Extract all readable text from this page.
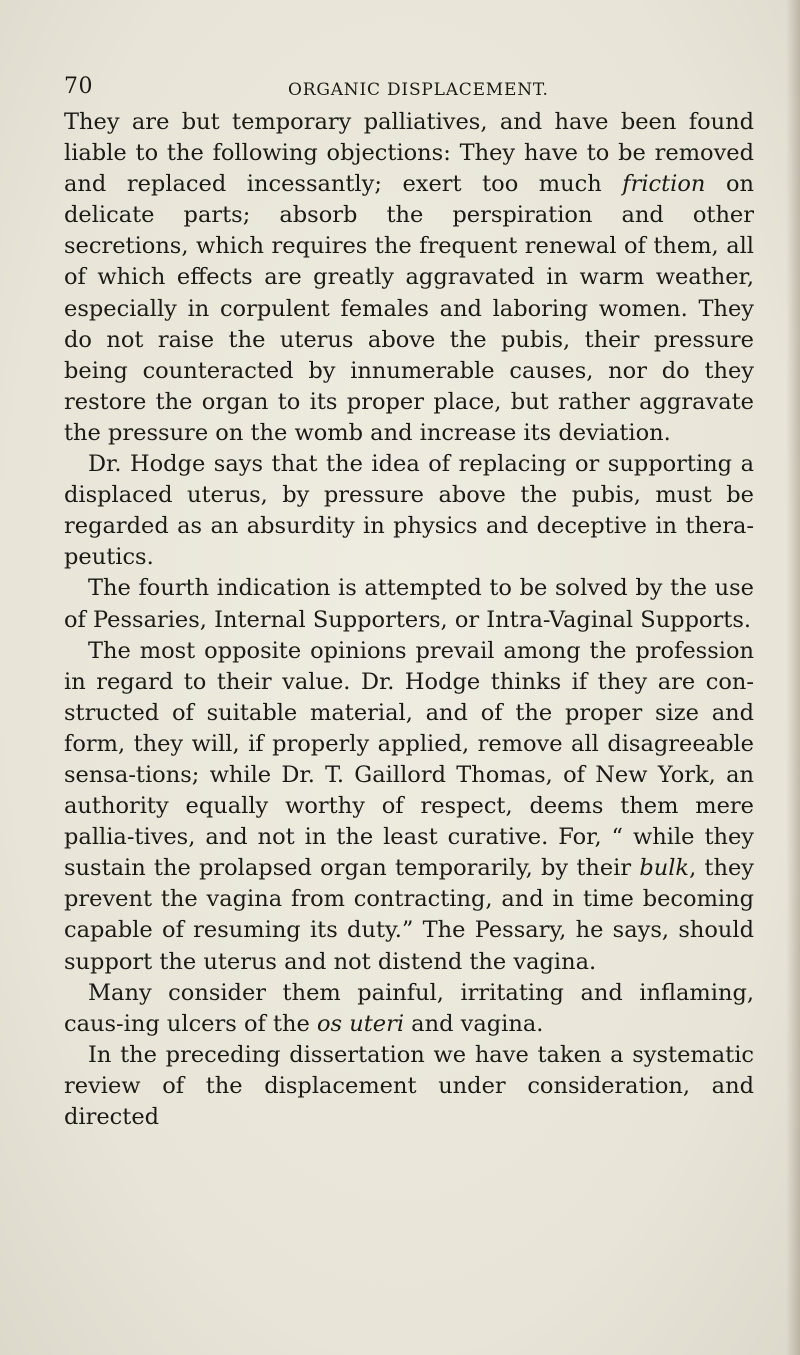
70	ORGANIC DISPLACEMENT.

They are but temporary palliatives, and have been found liable to the following objections: They have to be removed and replaced incessantly; exert too much friction on delicate parts; absorb the perspiration and other secretions, which requires the frequent renewal of them, all of which effects are greatly aggravated in warm weather, especially in corpulent females and laboring women. They do not raise the uterus above the pubis, their pressure being counteracted by innumerable causes, nor do they restore the organ to its proper place, but rather aggravate the pressure on the womb and increase its deviation.

Dr. Hodge says that the idea of replacing or supporting a displaced uterus, by pressure above the pubis, must be regarded as an absurdity in physics and deceptive in thera-peutics.

The fourth indication is attempted to be solved by the use of Pessaries, Internal Supporters, or Intra-Vaginal Supports.

The most opposite opinions prevail among the profession in regard to their value. Dr. Hodge thinks if they are con-structed of suitable material, and of the proper size and form, they will, if properly applied, remove all disagreeable sensa-tions; while Dr. T. Gaillord Thomas, of New York, an authority equally worthy of respect, deems them mere pallia-tives, and not in the least curative. For, “ while they sustain the prolapsed organ temporarily, by their bulk, they prevent the vagina from contracting, and in time becoming capable of resuming its duty.” The Pessary, he says, should support the uterus and not distend the vagina.

Many consider them painful, irritating and inflaming, caus-ing ulcers of the os uteri and vagina.

In the preceding dissertation we have taken a systematic review of the displacement under consideration, and directed
